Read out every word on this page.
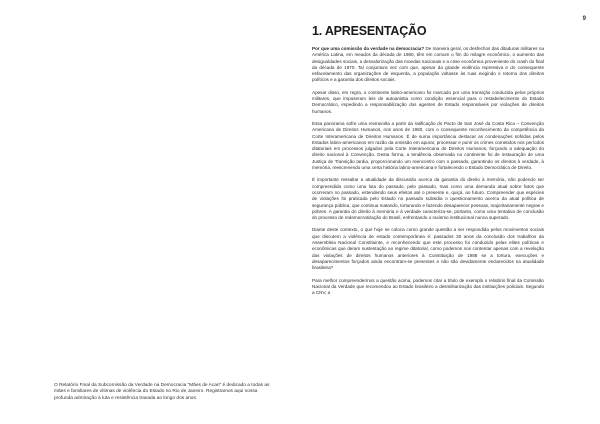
9
1. APRESENTAÇÃO

Por que uma comissão da verdade na democracia? De maneira geral, os desfechos das ditaduras militares na América Latina, em meados da década de 1980, têm em comum o fim do milagre econômico, o aumento das desigualdades sociais, a desvalorização das moedas nacionais e a crise econômica proveniente do crash do final da década de 1970. Tal conjuntura vez com que, apesar da grande violência repressiva e do consequente esfacelamento das organizações de esquerda, a população voltasse às ruas exigindo o retorno dos direitos políticos e a garantia dos direitos sociais.

Apesar disso, em regra, o continente latino-americano foi marcado por uma transição conduzida pelos próprios militares, que impuseram leis de autoanistia como condição essencial para o restabelecimento do Estado Democrático, impedindo a responsabilização dos agentes de Estado responsáveis por violações de direitos humanos.

Essa panorama sofre uma reviravolta a partir da ratificação do Pacto de San José da Costa Rica – Convenção Americana de Direitos Humanos, nos anos de 1980, com o consequente reconhecimento da competência da Corte Interamericana de Direitos Humanos. É de suma importância destacar as condenações sofridas pelos Estados latino-americanos em razão da omissão em apurar, processar e punir os crimes cometidos nos períodos ditatoriais em processos julgados pela Corte Interamericana de Direitos Humanos, forçando a adequação do direito nacional à Convenção. Desta forma, a tendência observada no continente foi de instauração de uma Justiça de Transição tardia, proporcionando um reencontro com o passado, garantindo os direitos à verdade, à memória, reescrevendo uma certa história latino-americana e fortalecendo o Estado Democrático de Direito.

É importante ressaltar a atualidade da discussão acerca da garantia do direito à memória, não podendo ser compreendida como uma luta do passado, pelo passado, mas como uma demanda atual sobre fatos que ocorreram no passado, estendendo seus efeitos até o presente e, quiçá, ao futuro. Compreender que espécies de violações foi praticada pelo Estado no passado subsidia o questionamento acerca da atual política de segurança pública, que continua matando, torturando e fazendo desaparecer pessoas, majoritariamente negras e pobres. A garantia do direito à memória e à verdade caracteriza-se, portanto, como uma tentativa de conclusão do processo de redemocratização do Brasil, enfrentando o racismo institucional nunca superado.

Diante deste contexto, o que hoje se coloca como grande questão a ser respondida pelos movimentos sociais que discutem a violência de estado contemporânea é: passados 30 anos da conclusão dos trabalhos da Assembleia Nacional Constituinte, e reconhecendo que este processo foi conduzido pelas elites políticas e econômicas que deram sustentação ao regime ditatorial, como podemos nos contentar apenas com a revelação das violações de direitos humanos anteriores à Constituição de 1988 se a tortura, execuções e desaparecimentos forçados ainda encontram-se presentes e não são devidamente esclarecidos na atualidade brasileira?

Para melhor compreendermos a questão acima, podemos citar a título de exemplo o relatório final da Comissão Nacional da Verdade que recomendou ao Estado brasileiro a desmilitarização das instituições policiais. Segundo a CNV, a

O Relatório Final da Subcomissão da Verdade na Democracia “Mães de Acari” é dedicado a todas as mães e familiares de vítimas de violência do Estado no Rio de Janeiro. Registramos aqui nossa profunda admiração à luta e resistência travada ao longo dos anos.
